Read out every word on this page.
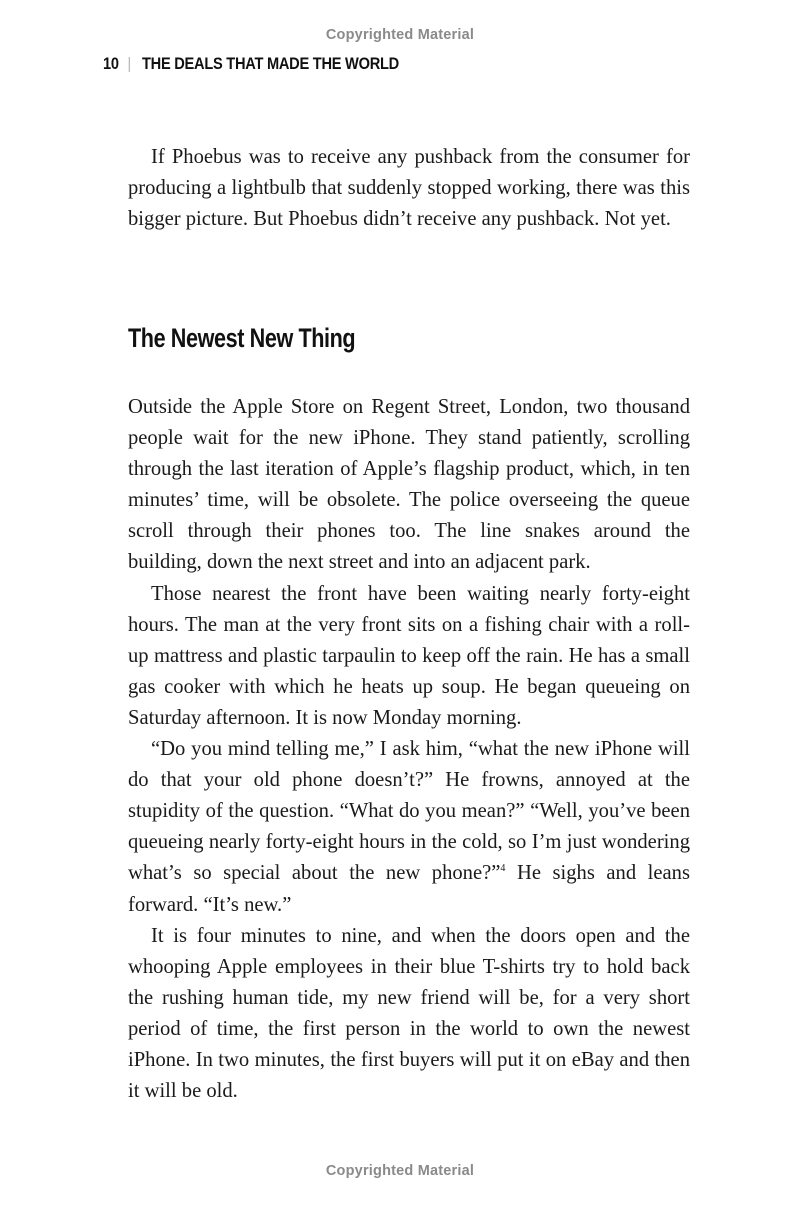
Copyrighted Material
10 THE DEALS THAT MADE THE WORLD

If Phoebus was to receive any pushback from the consumer for producing a lightbulb that suddenly stopped working, there was this bigger picture. But Phoebus didn’t receive any pushback. Not yet.

The Newest New Thing

Outside the Apple Store on Regent Street, London, two thousand people wait for the new iPhone. They stand patiently, scrolling through the last iteration of Apple’s flagship product, which, in ten minutes’ time, will be obsolete. The police overseeing the queue scroll through their phones too. The line snakes around the building, down the next street and into an adjacent park.

Those nearest the front have been waiting nearly forty-eight hours. The man at the very front sits on a fishing chair with a roll-up mattress and plastic tarpaulin to keep off the rain. He has a small gas cooker with which he heats up soup. He began queueing on Saturday afternoon. It is now Monday morning.

“Do you mind telling me,” I ask him, “what the new iPhone will do that your old phone doesn’t?” He frowns, annoyed at the stupidity of the question. “What do you mean?” “Well, you’ve been queueing nearly forty-eight hours in the cold, so I’m just wondering what’s so special about the new phone?”$^4$ He sighs and leans forward. “It’s new.”

It is four minutes to nine, and when the doors open and the whooping Apple employees in their blue T-shirts try to hold back the rushing human tide, my new friend will be, for a very short period of time, the first person in the world to own the newest iPhone. In two minutes, the first buyers will put it on eBay and then it will be old.

Copyrighted Material
